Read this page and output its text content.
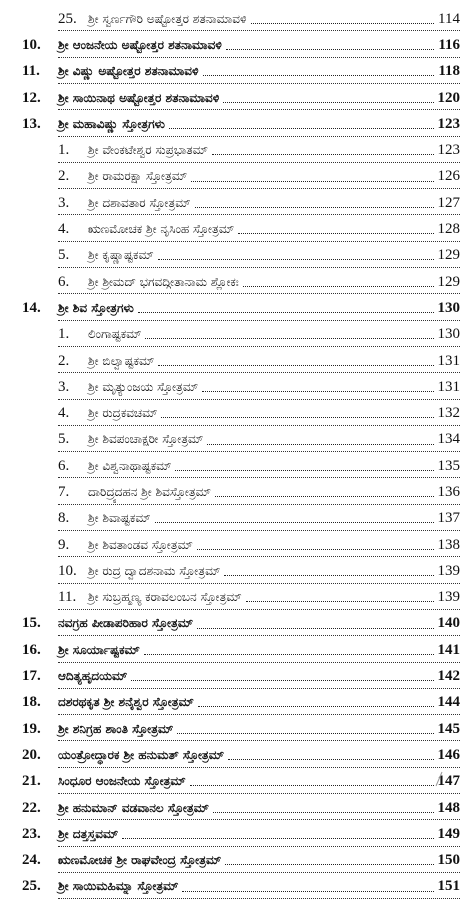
25. ಶ್ರೀ ಸ್ವರ್ಣಗೌರಿ ಅಷ್ಟೋತ್ತರ ಶತನಾಮಾವಳಿ	114
10.	ಶ್ರೀ ಆಂಜನೇಯ ಅಷ್ಟೋತ್ತರ ಶತನಾಮಾವಳಿ	116
11.	ಶ್ರೀ ವಿಷ್ಣು ಅಷ್ಟೋತ್ತರ ಶತನಾಮಾವಳಿ	118
12.	ಶ್ರೀ ಸಾಯಿನಾಥ ಅಷ್ಟೋತ್ತರ ಶತನಾಮಾವಳಿ	120
13.	ಶ್ರೀ ಮಹಾವಿಷ್ಣು ಸ್ತೋತ್ರಗಳು	123
1.	ಶ್ರೀ ವೇಂಕಟೇಶ್ವರ ಸುಪ್ರಭಾತಮ್	123
2.	ಶ್ರೀ ರಾಮರಕ್ಷಾ ಸ್ತೋತ್ರಮ್	126
3.	ಶ್ರೀ ದಶಾವತಾರ ಸ್ತೋತ್ರಮ್	127
4.	ಋಣಮೋಚಕ ಶ್ರೀ ನೃಸಿಂಹ ಸ್ತೋತ್ರಮ್	128
5.	ಶ್ರೀ ಕೃಷ್ಣಾಷ್ಟಕಮ್	129
6.	ಶ್ರೀ ಶ್ರೀಮದ್ ಭಗವದ್ಗೀತಾನಾಮ ಶ್ಲೋಕಃ	129
14.	ಶ್ರೀ ಶಿವ ಸ್ತೋತ್ರಗಳು	130
1.	ಲಿಂಗಾಷ್ಟಕಮ್	130
2.	ಶ್ರೀ ಬಿಲ್ವಾಷ್ಟಕಮ್	131
3.	ಶ್ರೀ ಮೃತ್ಯುಂಜಯ ಸ್ತೋತ್ರಮ್	131
4.	ಶ್ರೀ ರುದ್ರಕವಚಮ್	132
5.	ಶ್ರೀ ಶಿವಪಂಚಾಕ್ಷರೀ ಸ್ತೋತ್ರಮ್	134
6.	ಶ್ರೀ ವಿಶ್ವನಾಥಾಷ್ಟಕಮ್	135
7.	ದಾರಿದ್ರ್ಯದಹನ ಶ್ರೀ ಶಿವಸ್ತೋತ್ರಮ್	136
8.	ಶ್ರೀ ಶಿವಾಷ್ಟಕಮ್	137
9.	ಶ್ರೀ ಶಿವತಾಂಡವ ಸ್ತೋತ್ರಮ್	138
10. ಶ್ರೀ ರುದ್ರ ದ್ವಾದಶನಾಮ ಸ್ತೋತ್ರಮ್	139
11. ಶ್ರೀ ಸುಬ್ರಹ್ಮಣ್ಯ ಕರಾವಲಂಬನ ಸ್ತೋತ್ರಮ್	139
15.	ನವಗ್ರಹ ಪೀಡಾಪರಿಹಾರ ಸ್ತೋತ್ರಮ್	140
16.	ಶ್ರೀ ಸೂರ್ಯಾಷ್ಟಕಮ್	141
17.	ಆದಿತ್ಯಹೃದಯಮ್	142
18.	ದಶರಥಕೃತ ಶ್ರೀ ಶನೈಶ್ವರ ಸ್ತೋತ್ರಮ್	144
19.	ಶ್ರೀ ಶನಿಗ್ರಹ ಶಾಂತಿ ಸ್ತೋತ್ರಮ್	145
20.	ಯಂತ್ರೋದ್ಧಾರಕ ಶ್ರೀ ಹನುಮತ್ ಸ್ತೋತ್ರಮ್	146
21.	ಸಿಂಧೂರ ಆಂಜನೇಯ ಸ್ತೋತ್ರಮ್	147
22.	ಶ್ರೀ ಹನುಮಾನ್ ವಡವಾನಲ ಸ್ತೋತ್ರಮ್	148
23.	ಶ್ರೀ ದತ್ತಸ್ತವಮ್	149
24.	ಋಣಮೋಚಕ ಶ್ರೀ ರಾಘವೇಂದ್ರ ಸ್ತೋತ್ರಮ್	150
25.	ಶ್ರೀ ಸಾಯಿಮಹಿಮ್ನಾ ಸ್ತೋತ್ರಮ್	151
